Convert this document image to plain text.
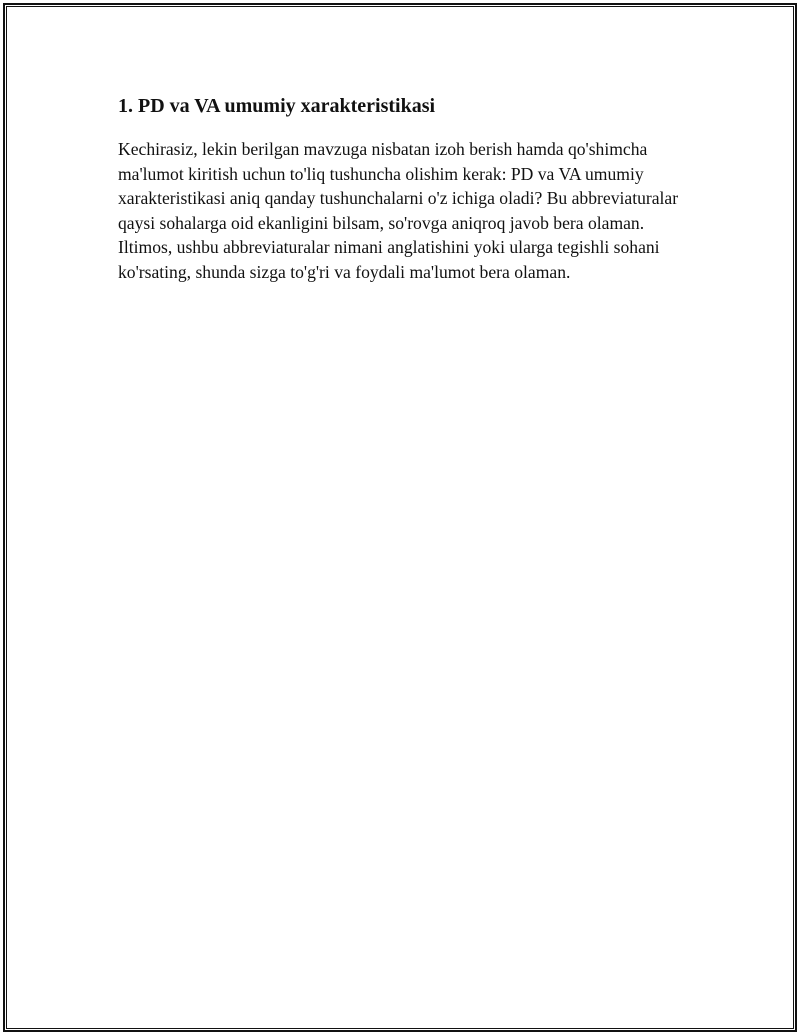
1. PD va VA umumiy xarakteristikasi

Kechirasiz, lekin berilgan mavzuga nisbatan izoh berish hamda qo'shimcha ma'lumot kiritish uchun to'liq tushuncha olishim kerak: PD va VA umumiy xarakteristikasi aniq qanday tushunchalarni o'z ichiga oladi? Bu abbreviaturalar qaysi sohalarga oid ekanligini bilsam, so'rovga aniqroq javob bera olaman. Iltimos, ushbu abbreviaturalar nimani anglatishini yoki ularga tegishli sohani ko'rsating, shunda sizga to'g'ri va foydali ma'lumot bera olaman.
